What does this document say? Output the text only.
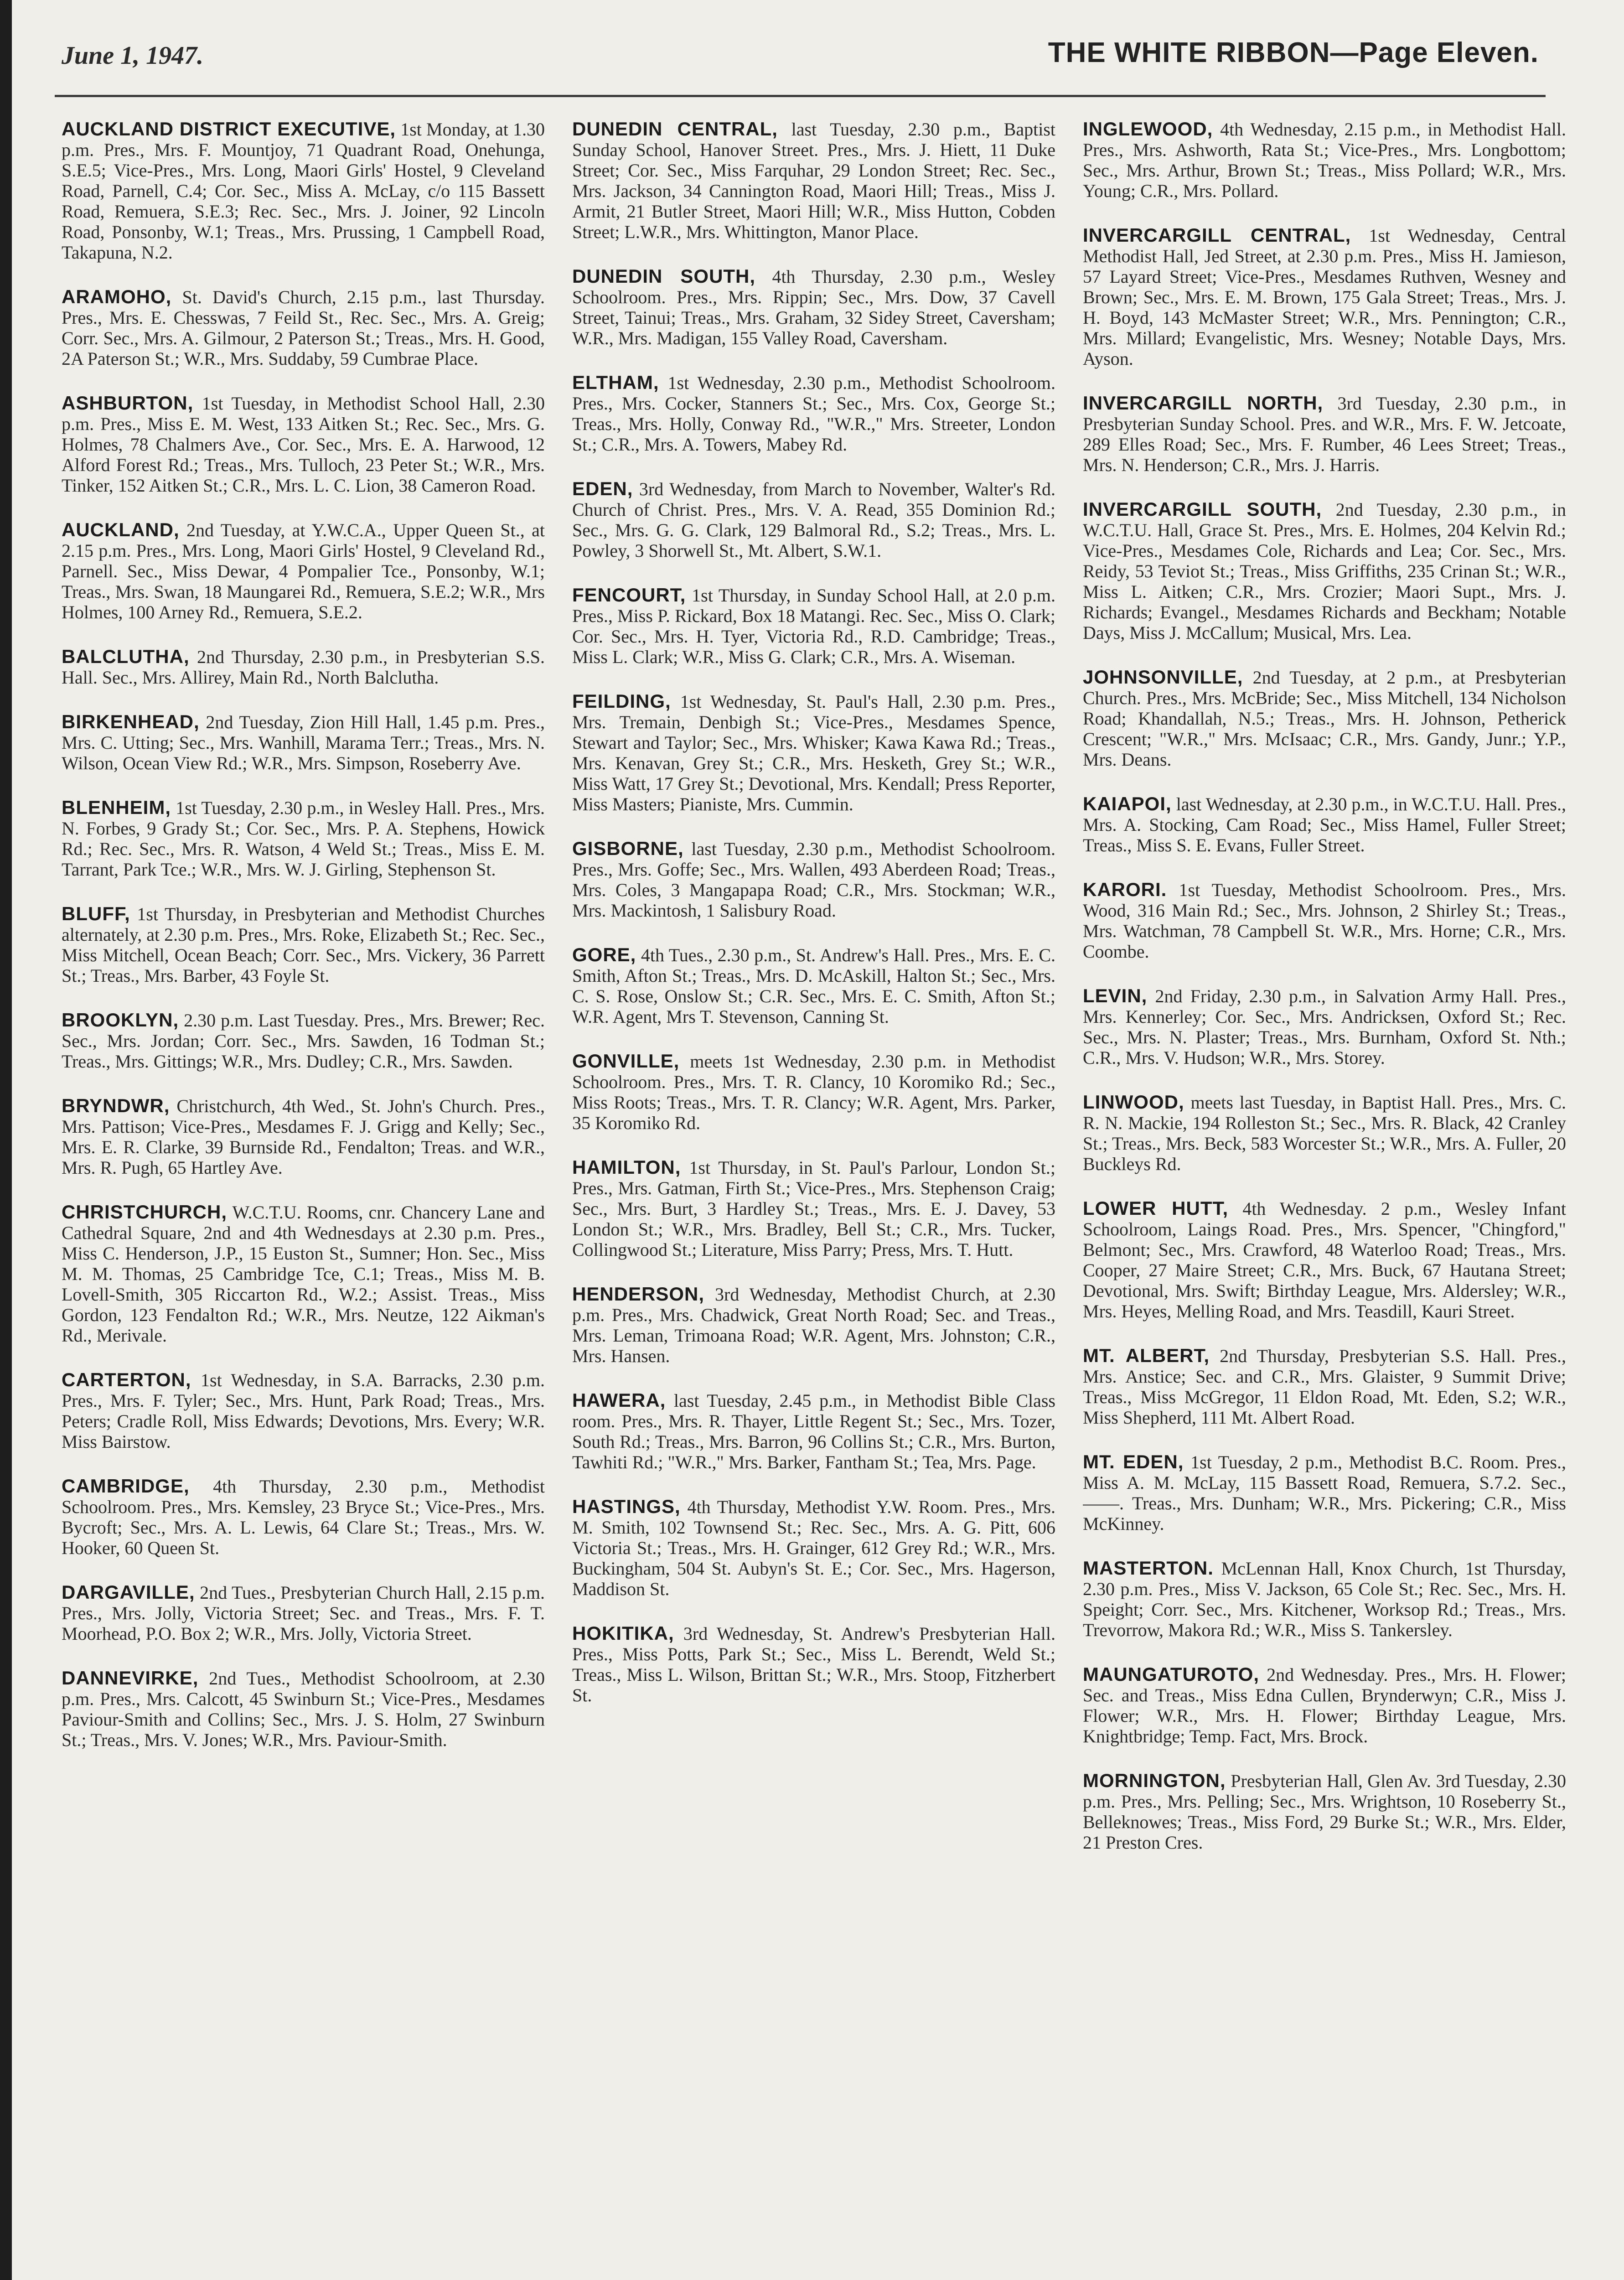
June 1, 1947.	THE WHITE RIBBON—Page Eleven.

AUCKLAND DISTRICT EXECUTIVE, 1st Monday, at 1.30 p.m. Pres., Mrs. F. Mountjoy, 71 Quadrant Road, Onehunga, S.E.5; Vice-Pres., Mrs. Long, Maori Girls' Hostel, 9 Cleveland Road, Parnell, C.4; Cor. Sec., Miss A. McLay, c/o 115 Bassett Road, Remuera, S.E.3; Rec. Sec., Mrs. J. Joiner, 92 Lincoln Road, Ponsonby, W.1; Treas., Mrs. Prussing, 1 Campbell Road, Takapuna, N.2.

ARAMOHO, St. David's Church, 2.15 p.m., last Thursday. Pres., Mrs. E. Chesswas, 7 Feild St., Rec. Sec., Mrs. A. Greig; Corr. Sec., Mrs. A. Gilmour, 2 Paterson St.; Treas., Mrs. H. Good, 2A Paterson St.; W.R., Mrs. Suddaby, 59 Cumbrae Place.

ASHBURTON, 1st Tuesday, in Methodist School Hall, 2.30 p.m. Pres., Miss E. M. West, 133 Aitken St.; Rec. Sec., Mrs. G. Holmes, 78 Chalmers Ave., Cor. Sec., Mrs. E. A. Harwood, 12 Alford Forest Rd.; Treas., Mrs. Tulloch, 23 Peter St.; W.R., Mrs. Tinker, 152 Aitken St.; C.R., Mrs. L. C. Lion, 38 Cameron Road.

AUCKLAND, 2nd Tuesday, at Y.W.C.A., Upper Queen St., at 2.15 p.m. Pres., Mrs. Long, Maori Girls' Hostel, 9 Cleveland Rd., Parnell. Sec., Miss Dewar, 4 Pompalier Tce., Ponsonby, W.1; Treas., Mrs. Swan, 18 Maungarei Rd., Remuera, S.E.2; W.R., Mrs Holmes, 100 Arney Rd., Remuera, S.E.2.

BALCLUTHA, 2nd Thursday, 2.30 p.m., in Presbyterian S.S. Hall. Sec., Mrs. Allirey, Main Rd., North Balclutha.

BIRKENHEAD, 2nd Tuesday, Zion Hill Hall, 1.45 p.m. Pres., Mrs. C. Utting; Sec., Mrs. Wanhill, Marama Terr.; Treas., Mrs. N. Wilson, Ocean View Rd.; W.R., Mrs. Simpson, Roseberry Ave.

BLENHEIM, 1st Tuesday, 2.30 p.m., in Wesley Hall. Pres., Mrs. N. Forbes, 9 Grady St.; Cor. Sec., Mrs. P. A. Stephens, Howick Rd.; Rec. Sec., Mrs. R. Watson, 4 Weld St.; Treas., Miss E. M. Tarrant, Park Tce.; W.R., Mrs. W. J. Girling, Stephenson St.

BLUFF, 1st Thursday, in Presbyterian and Methodist Churches alternately, at 2.30 p.m. Pres., Mrs. Roke, Elizabeth St.; Rec. Sec., Miss Mitchell, Ocean Beach; Corr. Sec., Mrs. Vickery, 36 Parrett St.; Treas., Mrs. Barber, 43 Foyle St.

BROOKLYN, 2.30 p.m. Last Tuesday. Pres., Mrs. Brewer; Rec. Sec., Mrs. Jordan; Corr. Sec., Mrs. Sawden, 16 Todman St.; Treas., Mrs. Gittings; W.R., Mrs. Dudley; C.R., Mrs. Sawden.

BRYNDWR, Christchurch, 4th Wed., St. John's Church. Pres., Mrs. Pattison; Vice-Pres., Mesdames F. J. Grigg and Kelly; Sec., Mrs. E. R. Clarke, 39 Burnside Rd., Fendalton; Treas. and W.R., Mrs. R. Pugh, 65 Hartley Ave.

CHRISTCHURCH, W.C.T.U. Rooms, cnr. Chancery Lane and Cathedral Square, 2nd and 4th Wednesdays at 2.30 p.m. Pres., Miss C. Henderson, J.P., 15 Euston St., Sumner; Hon. Sec., Miss M. M. Thomas, 25 Cambridge Tce, C.1; Treas., Miss M. B. Lovell-Smith, 305 Riccarton Rd., W.2.; Assist. Treas., Miss Gordon, 123 Fendalton Rd.; W.R., Mrs. Neutze, 122 Aikman's Rd., Merivale.

CARTERTON, 1st Wednesday, in S.A. Barracks, 2.30 p.m. Pres., Mrs. F. Tyler; Sec., Mrs. Hunt, Park Road; Treas., Mrs. Peters; Cradle Roll, Miss Edwards; Devotions, Mrs. Every; W.R. Miss Bairstow.

CAMBRIDGE, 4th Thursday, 2.30 p.m., Methodist Schoolroom. Pres., Mrs. Kemsley, 23 Bryce St.; Vice-Pres., Mrs. Bycroft; Sec., Mrs. A. L. Lewis, 64 Clare St.; Treas., Mrs. W. Hooker, 60 Queen St.

DARGAVILLE, 2nd Tues., Presbyterian Church Hall, 2.15 p.m. Pres., Mrs. Jolly, Victoria Street; Sec. and Treas., Mrs. F. T. Moorhead, P.O. Box 2; W.R., Mrs. Jolly, Victoria Street.

DANNEVIRKE, 2nd Tues., Methodist Schoolroom, at 2.30 p.m. Pres., Mrs. Calcott, 45 Swinburn St.; Vice-Pres., Mesdames Paviour-Smith and Collins; Sec., Mrs. J. S. Holm, 27 Swinburn St.; Treas., Mrs. V. Jones; W.R., Mrs. Paviour-Smith.

DUNEDIN CENTRAL, last Tuesday, 2.30 p.m., Baptist Sunday School, Hanover Street. Pres., Mrs. J. Hiett, 11 Duke Street; Cor. Sec., Miss Farquhar, 29 London Street; Rec. Sec., Mrs. Jackson, 34 Cannington Road, Maori Hill; Treas., Miss J. Armit, 21 Butler Street, Maori Hill; W.R., Miss Hutton, Cobden Street; L.W.R., Mrs. Whittington, Manor Place.

DUNEDIN SOUTH, 4th Thursday, 2.30 p.m., Wesley Schoolroom. Pres., Mrs. Rippin; Sec., Mrs. Dow, 37 Cavell Street, Tainui; Treas., Mrs. Graham, 32 Sidey Street, Caversham; W.R., Mrs. Madigan, 155 Valley Road, Caversham.

ELTHAM, 1st Wednesday, 2.30 p.m., Methodist Schoolroom. Pres., Mrs. Cocker, Stanners St.; Sec., Mrs. Cox, George St.; Treas., Mrs. Holly, Conway Rd., "W.R.," Mrs. Streeter, London St.; C.R., Mrs. A. Towers, Mabey Rd.

EDEN, 3rd Wednesday, from March to November, Walter's Rd. Church of Christ. Pres., Mrs. V. A. Read, 355 Dominion Rd.; Sec., Mrs. G. G. Clark, 129 Balmoral Rd., S.2; Treas., Mrs. L. Powley, 3 Shorwell St., Mt. Albert, S.W.1.

FENCOURT, 1st Thursday, in Sunday School Hall, at 2.0 p.m. Pres., Miss P. Rickard, Box 18 Matangi. Rec. Sec., Miss O. Clark; Cor. Sec., Mrs. H. Tyer, Victoria Rd., R.D. Cambridge; Treas., Miss L. Clark; W.R., Miss G. Clark; C.R., Mrs. A. Wiseman.

FEILDING, 1st Wednesday, St. Paul's Hall, 2.30 p.m. Pres., Mrs. Tremain, Denbigh St.; Vice-Pres., Mesdames Spence, Stewart and Taylor; Sec., Mrs. Whisker; Kawa Kawa Rd.; Treas., Mrs. Kenavan, Grey St.; C.R., Mrs. Hesketh, Grey St.; W.R., Miss Watt, 17 Grey St.; Devotional, Mrs. Kendall; Press Reporter, Miss Masters; Pianiste, Mrs. Cummin.

GISBORNE, last Tuesday, 2.30 p.m., Methodist Schoolroom. Pres., Mrs. Goffe; Sec., Mrs. Wallen, 493 Aberdeen Road; Treas., Mrs. Coles, 3 Mangapapa Road; C.R., Mrs. Stockman; W.R., Mrs. Mackintosh, 1 Salisbury Road.

GORE, 4th Tues., 2.30 p.m., St. Andrew's Hall. Pres., Mrs. E. C. Smith, Afton St.; Treas., Mrs. D. McAskill, Halton St.; Sec., Mrs. C. S. Rose, Onslow St.; C.R. Sec., Mrs. E. C. Smith, Afton St.; W.R. Agent, Mrs T. Stevenson, Canning St.

GONVILLE, meets 1st Wednesday, 2.30 p.m. in Methodist Schoolroom. Pres., Mrs. T. R. Clancy, 10 Koromiko Rd.; Sec., Miss Roots; Treas., Mrs. T. R. Clancy; W.R. Agent, Mrs. Parker, 35 Koromiko Rd.

HAMILTON, 1st Thursday, in St. Paul's Parlour, London St.; Pres., Mrs. Gatman, Firth St.; Vice-Pres., Mrs. Stephenson Craig; Sec., Mrs. Burt, 3 Hardley St.; Treas., Mrs. E. J. Davey, 53 London St.; W.R., Mrs. Bradley, Bell St.; C.R., Mrs. Tucker, Collingwood St.; Literature, Miss Parry; Press, Mrs. T. Hutt.

HENDERSON, 3rd Wednesday, Methodist Church, at 2.30 p.m. Pres., Mrs. Chadwick, Great North Road; Sec. and Treas., Mrs. Leman, Trimoana Road; W.R. Agent, Mrs. Johnston; C.R., Mrs. Hansen.

HAWERA, last Tuesday, 2.45 p.m., in Methodist Bible Class room. Pres., Mrs. R. Thayer, Little Regent St.; Sec., Mrs. Tozer, South Rd.; Treas., Mrs. Barron, 96 Collins St.; C.R., Mrs. Burton, Tawhiti Rd.; "W.R.," Mrs. Barker, Fantham St.; Tea, Mrs. Page.

HASTINGS, 4th Thursday, Methodist Y.W. Room. Pres., Mrs. M. Smith, 102 Townsend St.; Rec. Sec., Mrs. A. G. Pitt, 606 Victoria St.; Treas., Mrs. H. Grainger, 612 Grey Rd.; W.R., Mrs. Buckingham, 504 St. Aubyn's St. E.; Cor. Sec., Mrs. Hagerson, Maddison St.

HOKITIKA, 3rd Wednesday, St. Andrew's Presbyterian Hall. Pres., Miss Potts, Park St.; Sec., Miss L. Berendt, Weld St.; Treas., Miss L. Wilson, Brittan St.; W.R., Mrs. Stoop, Fitzherbert St.

INGLEWOOD, 4th Wednesday, 2.15 p.m., in Methodist Hall. Pres., Mrs. Ashworth, Rata St.; Vice-Pres., Mrs. Longbottom; Sec., Mrs. Arthur, Brown St.; Treas., Miss Pollard; W.R., Mrs. Young; C.R., Mrs. Pollard.

INVERCARGILL CENTRAL, 1st Wednesday, Central Methodist Hall, Jed Street, at 2.30 p.m. Pres., Miss H. Jamieson, 57 Layard Street; Vice-Pres., Mesdames Ruthven, Wesney and Brown; Sec., Mrs. E. M. Brown, 175 Gala Street; Treas., Mrs. J. H. Boyd, 143 McMaster Street; W.R., Mrs. Pennington; C.R., Mrs. Millard; Evangelistic, Mrs. Wesney; Notable Days, Mrs. Ayson.

INVERCARGILL NORTH, 3rd Tuesday, 2.30 p.m., in Presbyterian Sunday School. Pres. and W.R., Mrs. F. W. Jetcoate, 289 Elles Road; Sec., Mrs. F. Rumber, 46 Lees Street; Treas., Mrs. N. Henderson; C.R., Mrs. J. Harris.

INVERCARGILL SOUTH, 2nd Tuesday, 2.30 p.m., in W.C.T.U. Hall, Grace St. Pres., Mrs. E. Holmes, 204 Kelvin Rd.; Vice-Pres., Mesdames Cole, Richards and Lea; Cor. Sec., Mrs. Reidy, 53 Teviot St.; Treas., Miss Griffiths, 235 Crinan St.; W.R., Miss L. Aitken; C.R., Mrs. Crozier; Maori Supt., Mrs. J. Richards; Evangel., Mesdames Richards and Beckham; Notable Days, Miss J. McCallum; Musical, Mrs. Lea.

JOHNSONVILLE, 2nd Tuesday, at 2 p.m., at Presbyterian Church. Pres., Mrs. McBride; Sec., Miss Mitchell, 134 Nicholson Road; Khandallah, N.5.; Treas., Mrs. H. Johnson, Petherick Crescent; "W.R.," Mrs. McIsaac; C.R., Mrs. Gandy, Junr.; Y.P., Mrs. Deans.

KAIAPOI, last Wednesday, at 2.30 p.m., in W.C.T.U. Hall. Pres., Mrs. A. Stocking, Cam Road; Sec., Miss Hamel, Fuller Street; Treas., Miss S. E. Evans, Fuller Street.

KARORI. 1st Tuesday, Methodist Schoolroom. Pres., Mrs. Wood, 316 Main Rd.; Sec., Mrs. Johnson, 2 Shirley St.; Treas., Mrs. Watchman, 78 Campbell St. W.R., Mrs. Horne; C.R., Mrs. Coombe.

LEVIN, 2nd Friday, 2.30 p.m., in Salvation Army Hall. Pres., Mrs. Kennerley; Cor. Sec., Mrs. Andricksen, Oxford St.; Rec. Sec., Mrs. N. Plaster; Treas., Mrs. Burnham, Oxford St. Nth.; C.R., Mrs. V. Hudson; W.R., Mrs. Storey.

LINWOOD, meets last Tuesday, in Baptist Hall. Pres., Mrs. C. R. N. Mackie, 194 Rolleston St.; Sec., Mrs. R. Black, 42 Cranley St.; Treas., Mrs. Beck, 583 Worcester St.; W.R., Mrs. A. Fuller, 20 Buckleys Rd.

LOWER HUTT, 4th Wednesday. 2 p.m., Wesley Infant Schoolroom, Laings Road. Pres., Mrs. Spencer, "Chingford," Belmont; Sec., Mrs. Crawford, 48 Waterloo Road; Treas., Mrs. Cooper, 27 Maire Street; C.R., Mrs. Buck, 67 Hautana Street; Devotional, Mrs. Swift; Birthday League, Mrs. Aldersley; W.R., Mrs. Heyes, Melling Road, and Mrs. Teasdill, Kauri Street.

MT. ALBERT, 2nd Thursday, Presbyterian S.S. Hall. Pres., Mrs. Anstice; Sec. and C.R., Mrs. Glaister, 9 Summit Drive; Treas., Miss McGregor, 11 Eldon Road, Mt. Eden, S.2; W.R., Miss Shepherd, 111 Mt. Albert Road.

MT. EDEN, 1st Tuesday, 2 p.m., Methodist B.C. Room. Pres., Miss A. M. McLay, 115 Bassett Road, Remuera, S.7.2. Sec., ——. Treas., Mrs. Dunham; W.R., Mrs. Pickering; C.R., Miss McKinney.

MASTERTON. McLennan Hall, Knox Church, 1st Thursday, 2.30 p.m. Pres., Miss V. Jackson, 65 Cole St.; Rec. Sec., Mrs. H. Speight; Corr. Sec., Mrs. Kitchener, Worksop Rd.; Treas., Mrs. Trevorrow, Makora Rd.; W.R., Miss S. Tankersley.

MAUNGATUROTO, 2nd Wednesday. Pres., Mrs. H. Flower; Sec. and Treas., Miss Edna Cullen, Brynderwyn; C.R., Miss J. Flower; W.R., Mrs. H. Flower; Birthday League, Mrs. Knightbridge; Temp. Fact, Mrs. Brock.

MORNINGTON, Presbyterian Hall, Glen Av. 3rd Tuesday, 2.30 p.m. Pres., Mrs. Pelling; Sec., Mrs. Wrightson, 10 Roseberry St., Belleknowes; Treas., Miss Ford, 29 Burke St.; W.R., Mrs. Elder, 21 Preston Cres.
